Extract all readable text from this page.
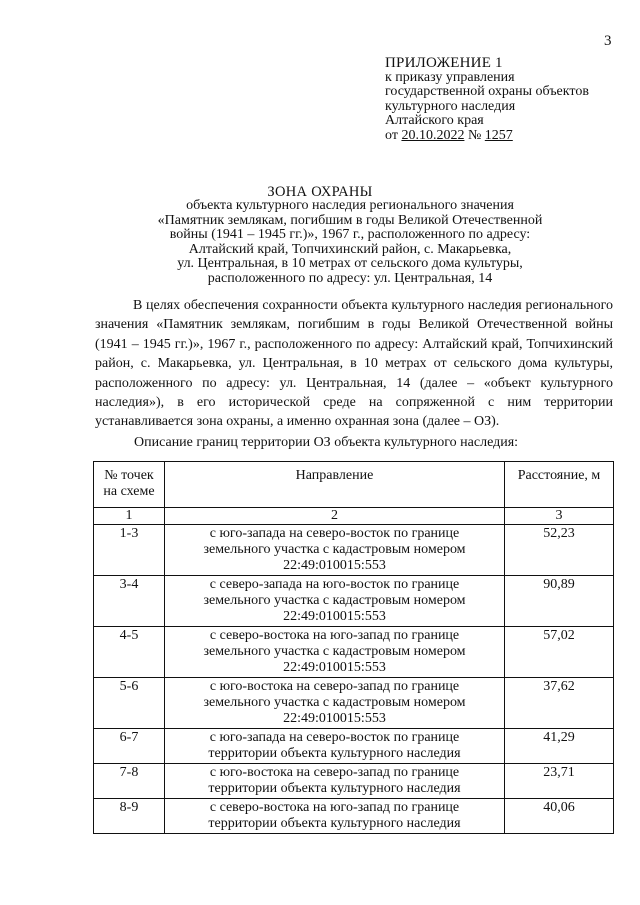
3
ПРИЛОЖЕНИЕ 1
к приказу управления
государственной охраны объектов
культурного наследия
Алтайского края
от 20.10.2022 № 1257
ЗОНА ОХРАНЫ
объекта культурного наследия регионального значения
«Памятник землякам, погибшим в годы Великой Отечественной
войны (1941 – 1945 гг.)», 1967 г., расположенного по адресу:
Алтайский край, Топчихинский район, с. Макарьевка,
ул. Центральная, в 10 метрах от сельского дома культуры,
расположенного по адресу: ул. Центральная, 14
В целях обеспечения сохранности объекта культурного наследия регионального значения «Памятник землякам, погибшим в годы Великой Отечественной войны (1941 – 1945 гг.)», 1967 г., расположенного по адресу: Алтайский край, Топчихинский район, с. Макарьевка, ул. Центральная, в 10 метрах от сельского дома культуры, расположенного по адресу: ул. Центральная, 14 (далее – «объект культурного наследия»), в его исторической среде на сопряженной с ним территории устанавливается зона охраны, а именно охранная зона (далее – ОЗ).
Описание границ территории ОЗ объекта культурного наследия:
№ точек на схеме	Направление	Расстояние, м
1	2	3
1-3	с юго-запада на северо-восток по границе
земельного участка с кадастровым номером
22:49:010015:553	52,23
3-4	с северо-запада на юго-восток по границе
земельного участка с кадастровым номером
22:49:010015:553	90,89
4-5	с северо-востока на юго-запад по границе
земельного участка с кадастровым номером
22:49:010015:553	57,02
5-6	с юго-востока на северо-запад по границе
земельного участка с кадастровым номером
22:49:010015:553	37,62
6-7	с юго-запада на северо-восток по границе
территории объекта культурного наследия	41,29
7-8	с юго-востока на северо-запад по границе
территории объекта культурного наследия	23,71
8-9	с северо-востока на юго-запад по границе
территории объекта культурного наследия	40,06
